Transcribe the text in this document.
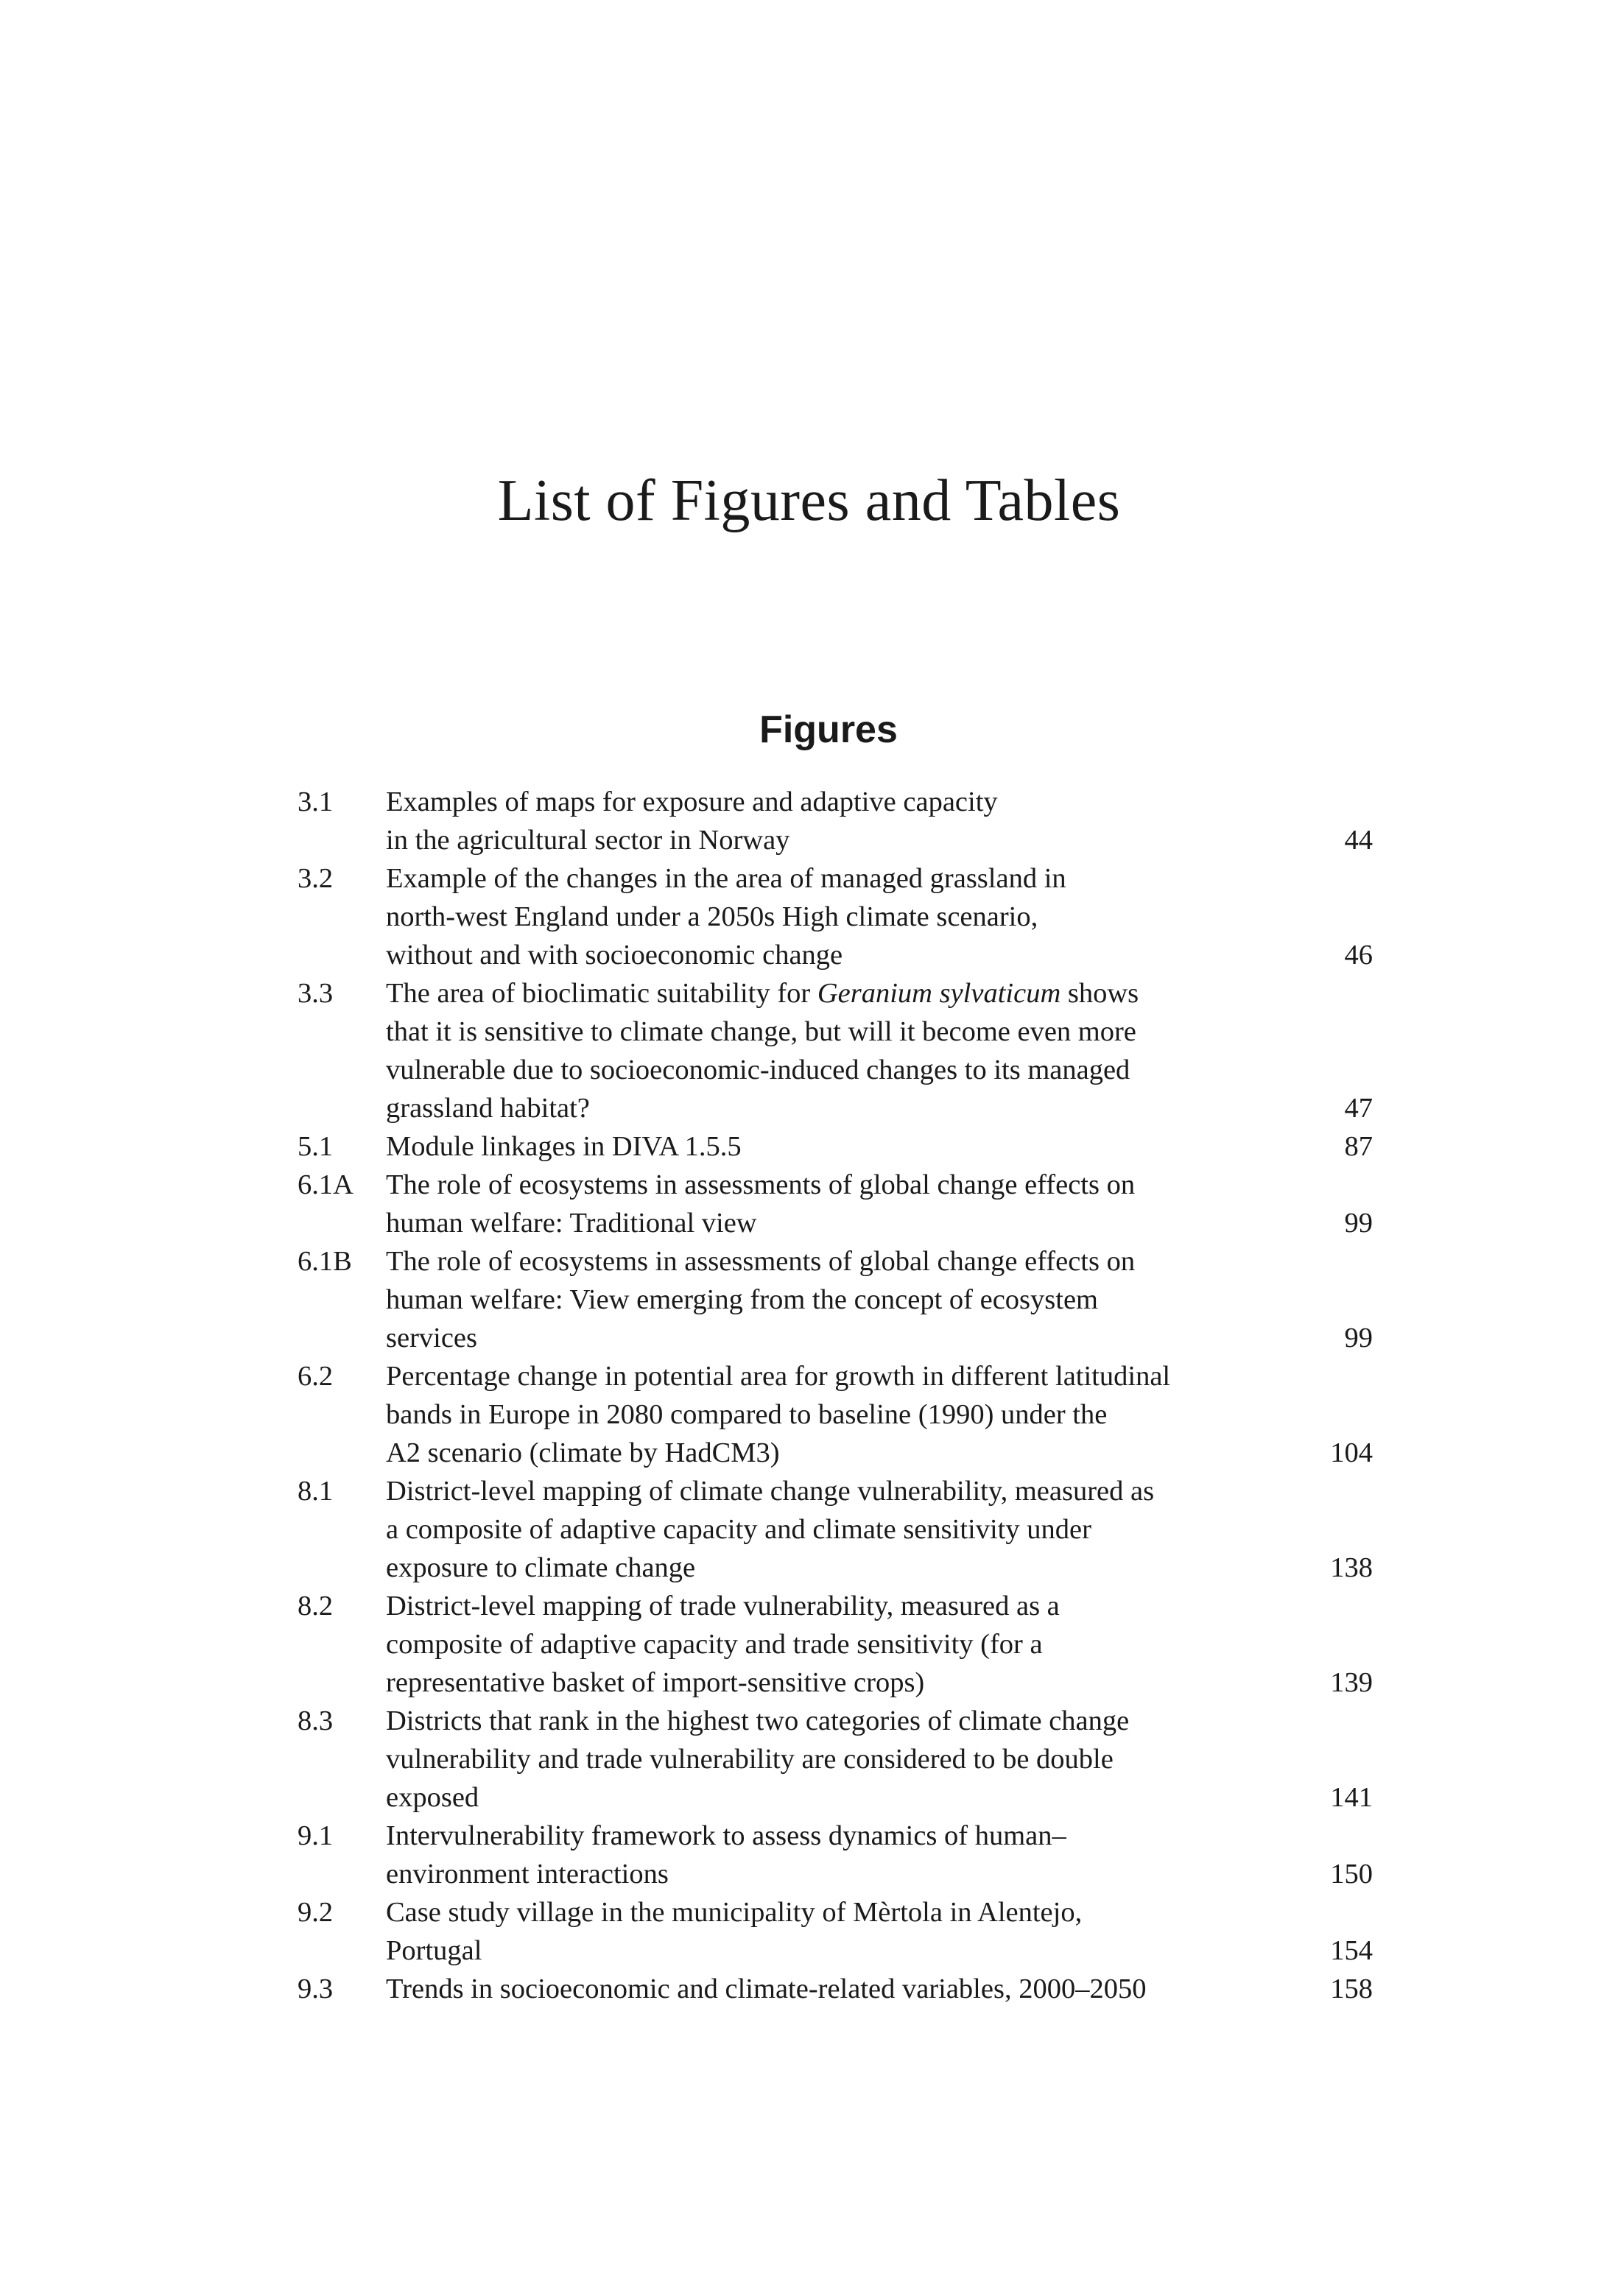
List of Figures and Tables
Figures
3.1	Examples of maps for exposure and adaptive capacity
in the agricultural sector in Norway	44
3.2	Example of the changes in the area of managed grassland in
north-west England under a 2050s High climate scenario,
without and with socioeconomic change	46
3.3	The area of bioclimatic suitability for Geranium sylvaticum shows
that it is sensitive to climate change, but will it become even more
vulnerable due to socioeconomic-induced changes to its managed
grassland habitat?	47
5.1	Module linkages in DIVA 1.5.5	87
6.1A	The role of ecosystems in assessments of global change effects on
human welfare: Traditional view	99
6.1B	The role of ecosystems in assessments of global change effects on
human welfare: View emerging from the concept of ecosystem
services	99
6.2	Percentage change in potential area for growth in different latitudinal
bands in Europe in 2080 compared to baseline (1990) under the
A2 scenario (climate by HadCM3)	104
8.1	District-level mapping of climate change vulnerability, measured as
a composite of adaptive capacity and climate sensitivity under
exposure to climate change	138
8.2	District-level mapping of trade vulnerability, measured as a
composite of adaptive capacity and trade sensitivity (for a
representative basket of import-sensitive crops)	139
8.3	Districts that rank in the highest two categories of climate change
vulnerability and trade vulnerability are considered to be double
exposed	141
9.1	Intervulnerability framework to assess dynamics of human–
environment interactions	150
9.2	Case study village in the municipality of Mèrtola in Alentejo,
Portugal	154
9.3	Trends in socioeconomic and climate-related variables, 2000–2050	158
